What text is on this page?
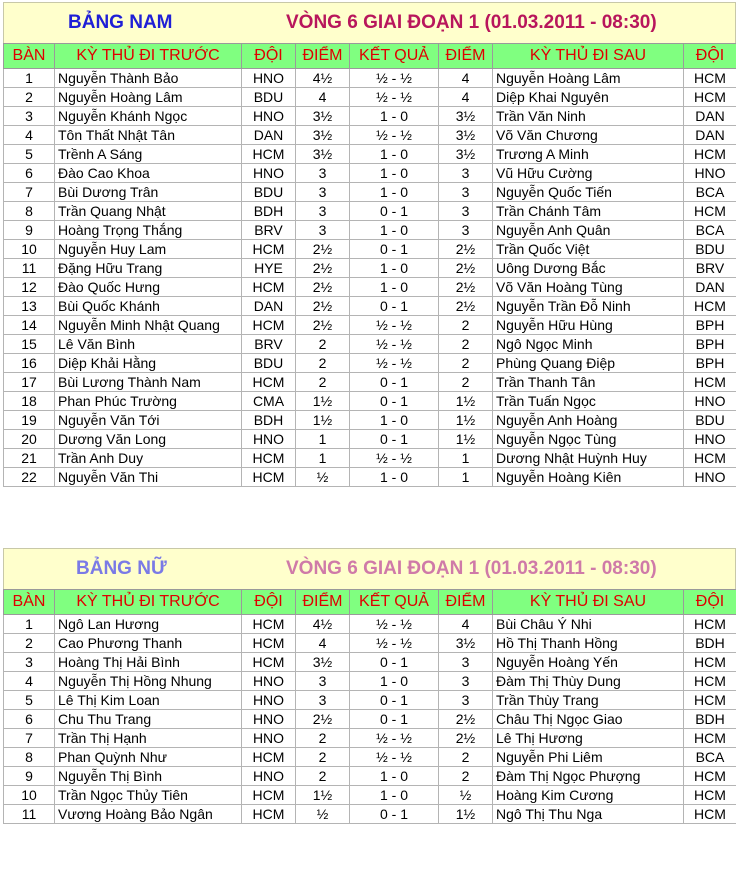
BẢNG NAM	VÒNG 6 GIAI ĐOẠN 1 (01.03.2011 - 08:30)
BÀN	KỲ THỦ ĐI TRƯỚC	ĐỘI	ĐIỂM	KẾT QUẢ	ĐIỂM	KỲ THỦ ĐI SAU	ĐỘI
1	Nguyễn Thành Bảo	HNO	4½	½ - ½	4	Nguyễn Hoàng Lâm	HCM
2	Nguyễn Hoàng Lâm	BDU	4	½ - ½	4	Diệp Khai Nguyên	HCM
3	Nguyễn Khánh Ngọc	HNO	3½	1 - 0	3½	Trần Văn Ninh	DAN
4	Tôn Thất Nhật Tân	DAN	3½	½ - ½	3½	Võ Văn Chương	DAN
5	Trềnh A Sáng	HCM	3½	1 - 0	3½	Trương A Minh	HCM
6	Đào Cao Khoa	HNO	3	1 - 0	3	Vũ Hữu Cường	HNO
7	Bùi Dương Trân	BDU	3	1 - 0	3	Nguyễn Quốc Tiến	BCA
8	Trần Quang Nhật	BDH	3	0 - 1	3	Trần Chánh Tâm	HCM
9	Hoàng Trọng Thắng	BRV	3	1 - 0	3	Nguyễn Anh Quân	BCA
10	Nguyễn Huy Lam	HCM	2½	0 - 1	2½	Trần Quốc Việt	BDU
11	Đặng Hữu Trang	HYE	2½	1 - 0	2½	Uông Dương Bắc	BRV
12	Đào Quốc Hưng	HCM	2½	1 - 0	2½	Võ Văn Hoàng Tùng	DAN
13	Bùi Quốc Khánh	DAN	2½	0 - 1	2½	Nguyễn Trần Đỗ Ninh	HCM
14	Nguyễn Minh Nhật Quang	HCM	2½	½ - ½	2	Nguyễn Hữu Hùng	BPH
15	Lê Văn Bình	BRV	2	½ - ½	2	Ngô Ngọc Minh	BPH
16	Diệp Khải Hằng	BDU	2	½ - ½	2	Phùng Quang Điệp	BPH
17	Bùi Lương Thành Nam	HCM	2	0 - 1	2	Trần Thanh Tân	HCM
18	Phan Phúc Trường	CMA	1½	0 - 1	1½	Trần Tuấn Ngọc	HNO
19	Nguyễn Văn Tới	BDH	1½	1 - 0	1½	Nguyễn Anh Hoàng	BDU
20	Dương Văn Long	HNO	1	0 - 1	1½	Nguyễn Ngọc Tùng	HNO
21	Trần Anh Duy	HCM	1	½ - ½	1	Dương Nhật Huỳnh Huy	HCM
22	Nguyễn Văn Thi	HCM	½	1 - 0	1	Nguyễn Hoàng Kiên	HNO
BẢNG NỮ	VÒNG 6 GIAI ĐOẠN 1 (01.03.2011 - 08:30)
BÀN	KỲ THỦ ĐI TRƯỚC	ĐỘI	ĐIỂM	KẾT QUẢ	ĐIỂM	KỲ THỦ ĐI SAU	ĐỘI
1	Ngô Lan Hương	HCM	4½	½ - ½	4	Bùi Châu Ý Nhi	HCM
2	Cao Phương Thanh	HCM	4	½ - ½	3½	Hồ Thị Thanh Hồng	BDH
3	Hoàng Thị Hải Bình	HCM	3½	0 - 1	3	Nguyễn Hoàng Yến	HCM
4	Nguyễn Thị Hồng Nhung	HNO	3	1 - 0	3	Đàm Thị Thùy Dung	HCM
5	Lê Thị Kim Loan	HNO	3	0 - 1	3	Trần Thùy Trang	HCM
6	Chu Thu Trang	HNO	2½	0 - 1	2½	Châu Thị Ngọc Giao	BDH
7	Trần Thị Hạnh	HNO	2	½ - ½	2½	Lê Thị Hương	HCM
8	Phan Quỳnh Như	HCM	2	½ - ½	2	Nguyễn Phi Liêm	BCA
9	Nguyễn Thị Bình	HNO	2	1 - 0	2	Đàm Thị Ngọc Phượng	HCM
10	Trần Ngọc Thủy Tiên	HCM	1½	1 - 0	½	Hoàng Kim Cương	HCM
11	Vương Hoàng Bảo Ngân	HCM	½	0 - 1	1½	Ngô Thị Thu Nga	HCM
